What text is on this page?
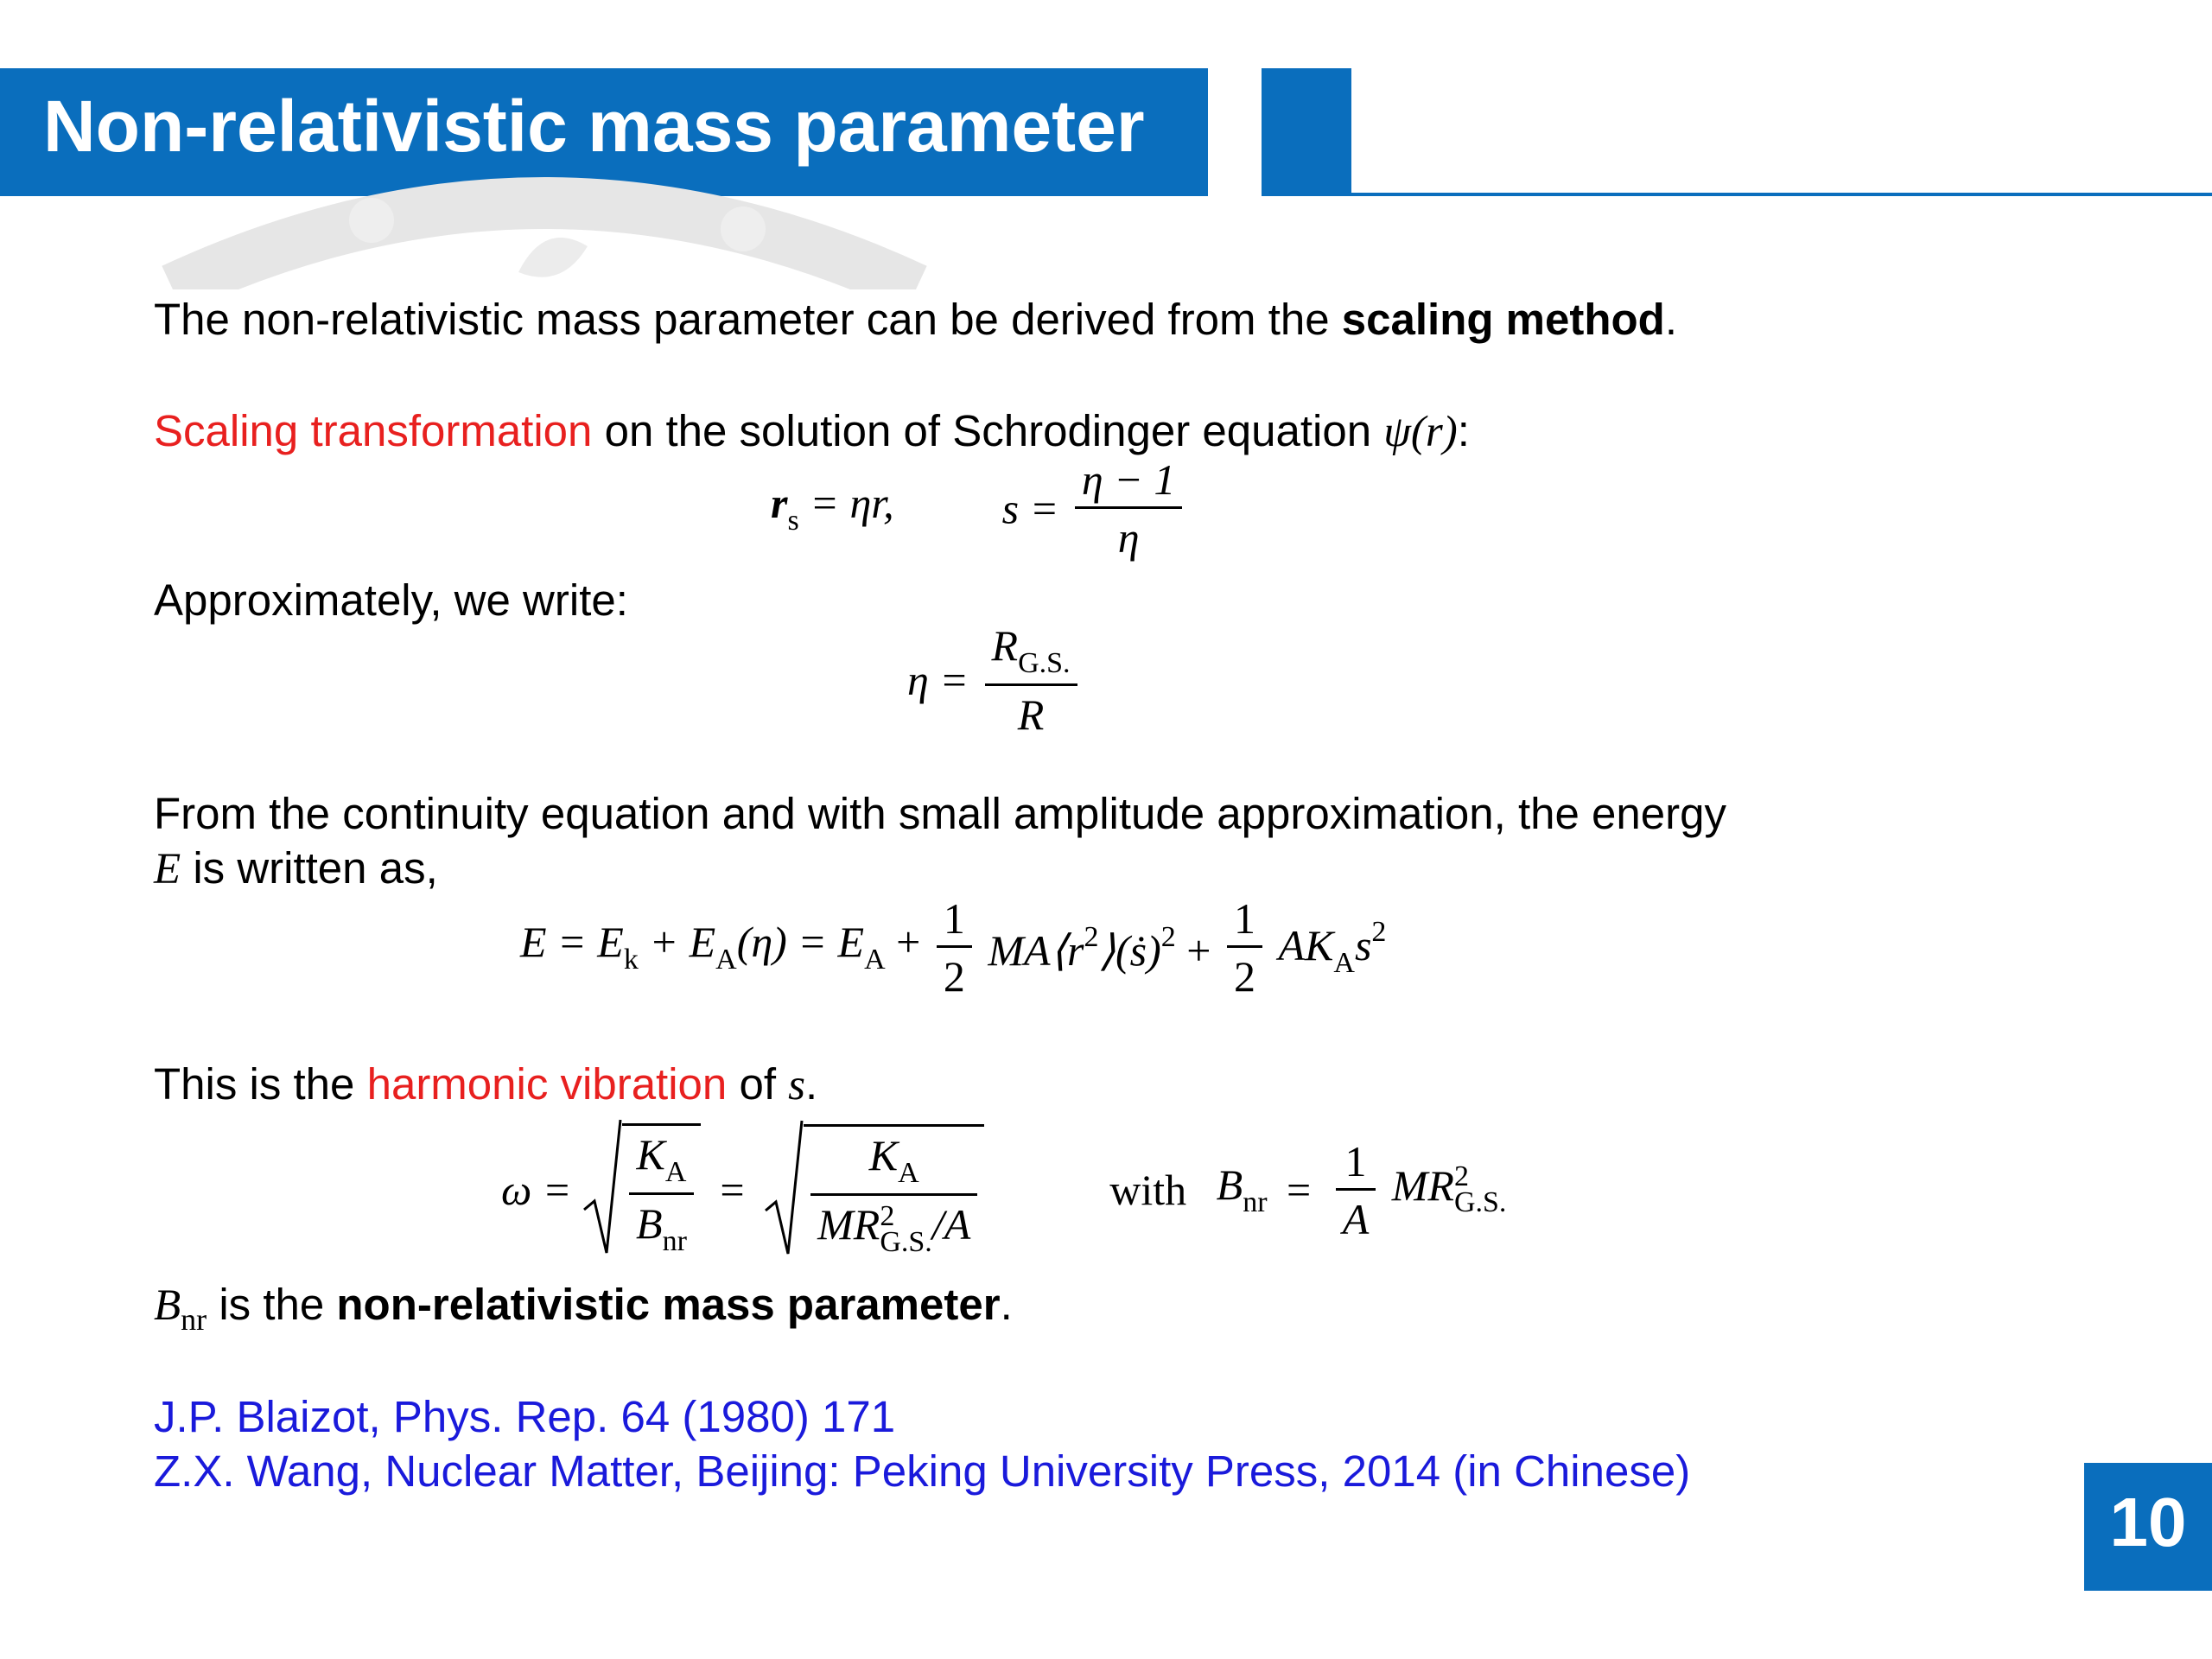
Non-relativistic mass parameter
The non-relativistic mass parameter can be derived from the scaling method.
Scaling transformation on the solution of Schrodinger equation ψ(r):
$r_s = \eta r$,	$s = \frac{\eta - 1}{\eta}$
Approximately, we write:
$\eta = \frac{R_{G.S.}}{R}$
From the continuity equation and with small amplitude approximation, the energy
E is written as,
$E = E_k + E_A(\eta) = E_A + \frac{1}{2}$ $MA⟨r^2⟩(ṡ)^2 + \frac{1}{2} AK_As^2$
This is the harmonic vibration of s.
$\omega = \frac{K_A}{B_{nr}} = K_A$
MR 2
G.S. /A	with $B_{nr} = \frac{1}{A}$ MR 2
G.S.
$B_{nr}$ is the non-relativistic mass parameter.
J.P. Blaizot, Phys. Rep. 64 (1980) 171
Z.X. Wang, Nuclear Matter, Beijing: Peking University Press, 2014 (in Chinese)
10
